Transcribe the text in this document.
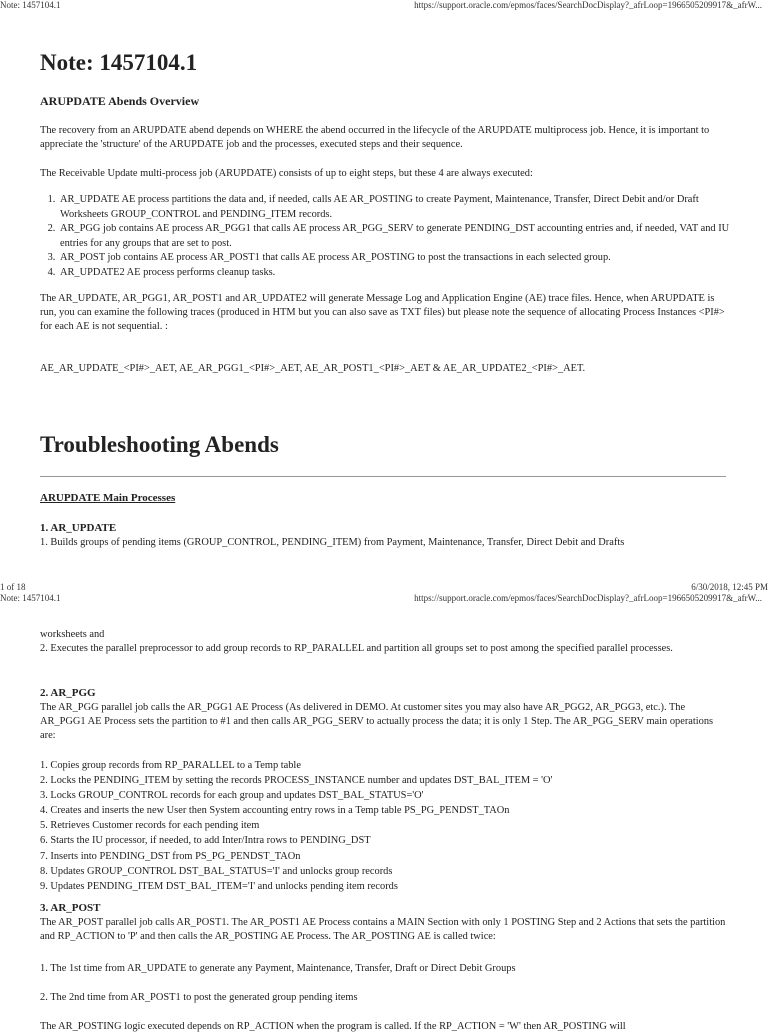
Note: 1457104.1	https://support.oracle.com/epmos/faces/SearchDocDisplay?_afrLoop=1966505209917&_afrW...
Note: 1457104.1
ARUPDATE Abends Overview
The recovery from an ARUPDATE abend depends on WHERE the abend occurred in the lifecycle of the ARUPDATE multiprocess job. Hence, it is important to appreciate the 'structure' of the ARUPDATE job and the processes, executed steps and their sequence.
The Receivable Update multi-process job (ARUPDATE) consists of up to eight steps, but these 4 are always executed:
1. AR_UPDATE AE process partitions the data and, if needed, calls AE AR_POSTING to create Payment, Maintenance, Transfer, Direct Debit and/or Draft Worksheets GROUP_CONTROL and PENDING_ITEM records.
2. AR_PGG job contains AE process AR_PGG1 that calls AE process AR_PGG_SERV to generate PENDING_DST accounting entries and, if needed, VAT and IU entries for any groups that are set to post.
3. AR_POST job contains AE process AR_POST1 that calls AE process AR_POSTING to post the transactions in each selected group.
4. AR_UPDATE2 AE process performs cleanup tasks.
The AR_UPDATE, AR_PGG1, AR_POST1 and AR_UPDATE2 will generate Message Log and Application Engine (AE) trace files. Hence, when ARUPDATE is run, you can examine the following traces (produced in HTM but you can also save as TXT files) but please note the sequence of allocating Process Instances <PI#> for each AE is not sequential. :
AE_AR_UPDATE_<PI#>_AET, AE_AR_PGG1_<PI#>_AET, AE_AR_POST1_<PI#>_AET & AE_AR_UPDATE2_<PI#>_AET.
Troubleshooting Abends
ARUPDATE Main Processes
1. AR_UPDATE
1. Builds groups of pending items (GROUP_CONTROL, PENDING_ITEM) from Payment, Maintenance, Transfer, Direct Debit and Drafts
1 of 18	6/30/2018, 12:45 PM
Note: 1457104.1	https://support.oracle.com/epmos/faces/SearchDocDisplay?_afrLoop=1966505209917&_afrW...
worksheets and
2. Executes the parallel preprocessor to add group records to RP_PARALLEL and partition all groups set to post among the specified parallel processes.
2. AR_PGG
The AR_PGG parallel job calls the AR_PGG1 AE Process (As delivered in DEMO. At customer sites you may also have AR_PGG2, AR_PGG3, etc.). The AR_PGG1 AE Process sets the partition to #1 and then calls AR_PGG_SERV to actually process the data; it is only 1 Step. The AR_PGG_SERV main operations are:
1. Copies group records from RP_PARALLEL to a Temp table
2. Locks the PENDING_ITEM by setting the records PROCESS_INSTANCE number and updates DST_BAL_ITEM = 'O'
3. Locks GROUP_CONTROL records for each group and updates DST_BAL_STATUS='O'
4. Creates and inserts the new User then System accounting entry rows in a Temp table PS_PG_PENDST_TAOn
5. Retrieves Customer records for each pending item
6. Starts the IU processor, if needed, to add Inter/Intra rows to PENDING_DST
7. Inserts into PENDING_DST from PS_PG_PENDST_TAOn
8. Updates GROUP_CONTROL DST_BAL_STATUS='I' and unlocks group records
9. Updates PENDING_ITEM DST_BAL_ITEM='I' and unlocks pending item records
3. AR_POST
The AR_POST parallel job calls AR_POST1. The AR_POST1 AE Process contains a MAIN Section with only 1 POSTING Step and 2 Actions that sets the partition and RP_ACTION to 'P' and then calls the AR_POSTING AE Process. The AR_POSTING AE is called twice:
1. The 1st time from AR_UPDATE to generate any Payment, Maintenance, Transfer, Draft or Direct Debit Groups
2. The 2nd time from AR_POST1 to post the generated group pending items
The AR_POSTING logic executed depends on RP_ACTION when the program is called. If the RP_ACTION = 'W' then AR_POSTING will
